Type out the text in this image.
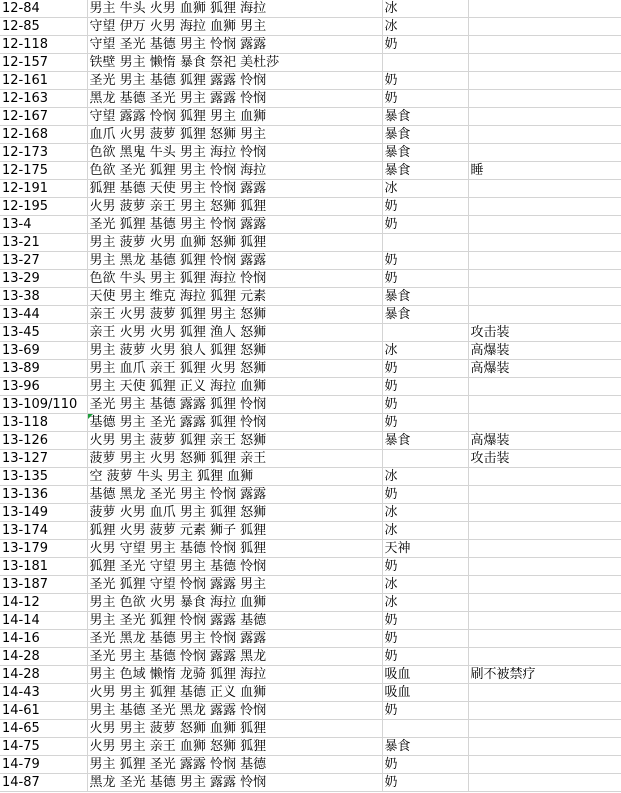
12-84	男主 牛头 火男 血狮 狐狸 海拉	冰	
12-85	守望 伊万 火男 海拉 血狮 男主	冰	
12-118	守望 圣光 基德 男主 怜悯 露露	奶	
12-157	铁壁 男主 懒惰 暴食 祭祀 美杜莎		
12-161	圣光 男主 基德 狐狸 露露 怜悯	奶	
12-163	黑龙 基德 圣光 男主 露露 怜悯	奶	
12-167	守望 露露 怜悯 狐狸 男主 血狮	暴食	
12-168	血爪 火男 菠萝 狐狸 怒狮 男主	暴食	
12-173	色欲 黑鬼 牛头 男主 海拉 怜悯	暴食	
12-175	色欲 圣光 狐狸 男主 怜悯 海拉	暴食	睡
12-191	狐狸 基德 天使 男主 怜悯 露露	冰	
12-195	火男 菠萝 亲王 男主 怒狮 狐狸	奶	
13-4	圣光 狐狸 基德 男主 怜悯 露露	奶	
13-21	男主 菠萝 火男 血狮 怒狮 狐狸		
13-27	男主 黑龙 基德 狐狸 怜悯 露露	奶	
13-29	色欲 牛头 男主 狐狸 海拉 怜悯	奶	
13-38	天使 男主 维克 海拉 狐狸 元素	暴食	
13-44	亲王 火男 菠萝 狐狸 男主 怒狮	暴食	
13-45	亲王 火男 火男 狐狸 渔人 怒狮		攻击装
13-69	男主 菠萝 火男 狼人 狐狸 怒狮	冰	高爆装
13-89	男主 血爪 亲王 狐狸 火男 怒狮	奶	高爆装
13-96	男主 天使 狐狸 正义 海拉 血狮	奶	
13-109/110	圣光 男主 基德 露露 狐狸 怜悯	奶	
13-118	基德 男主 圣光 露露 狐狸 怜悯	奶	
13-126	火男 男主 菠萝 狐狸 亲王 怒狮	暴食	高爆装
13-127	菠萝 男主 火男 怒狮 狐狸 亲王		攻击装
13-135	空 菠萝 牛头 男主 狐狸 血狮	冰	
13-136	基德 黑龙 圣光 男主 怜悯 露露	奶	
13-149	菠萝 火男 血爪 男主 狐狸 怒狮	冰	
13-174	狐狸 火男 菠萝 元素 狮子 狐狸	冰	
13-179	火男 守望 男主 基德 怜悯 狐狸	天神	
13-181	狐狸 圣光 守望 男主 基德 怜悯	奶	
13-187	圣光 狐狸 守望 怜悯 露露 男主	冰	
14-12	男主 色欲 火男 暴食 海拉 血狮	冰	
14-14	男主 圣光 狐狸 怜悯 露露 基德	奶	
14-16	圣光 黑龙 基德 男主 怜悯 露露	奶	
14-28	圣光 男主 基德 怜悯 露露 黑龙	奶	
14-28	男主 色域 懒惰 龙骑 狐狸 海拉	吸血	刷不被禁疗
14-43	火男 男主 狐狸 基德 正义 血狮	吸血	
14-61	男主 基德 圣光 黑龙 露露 怜悯	奶	
14-65	火男 男主 菠萝 怒狮 血狮 狐狸		
14-75	火男 男主 亲王 血狮 怒狮 狐狸	暴食	
14-79	男主 狐狸 圣光 露露 怜悯 基德	奶	
14-87	黑龙 圣光 基德 男主 露露 怜悯	奶	
